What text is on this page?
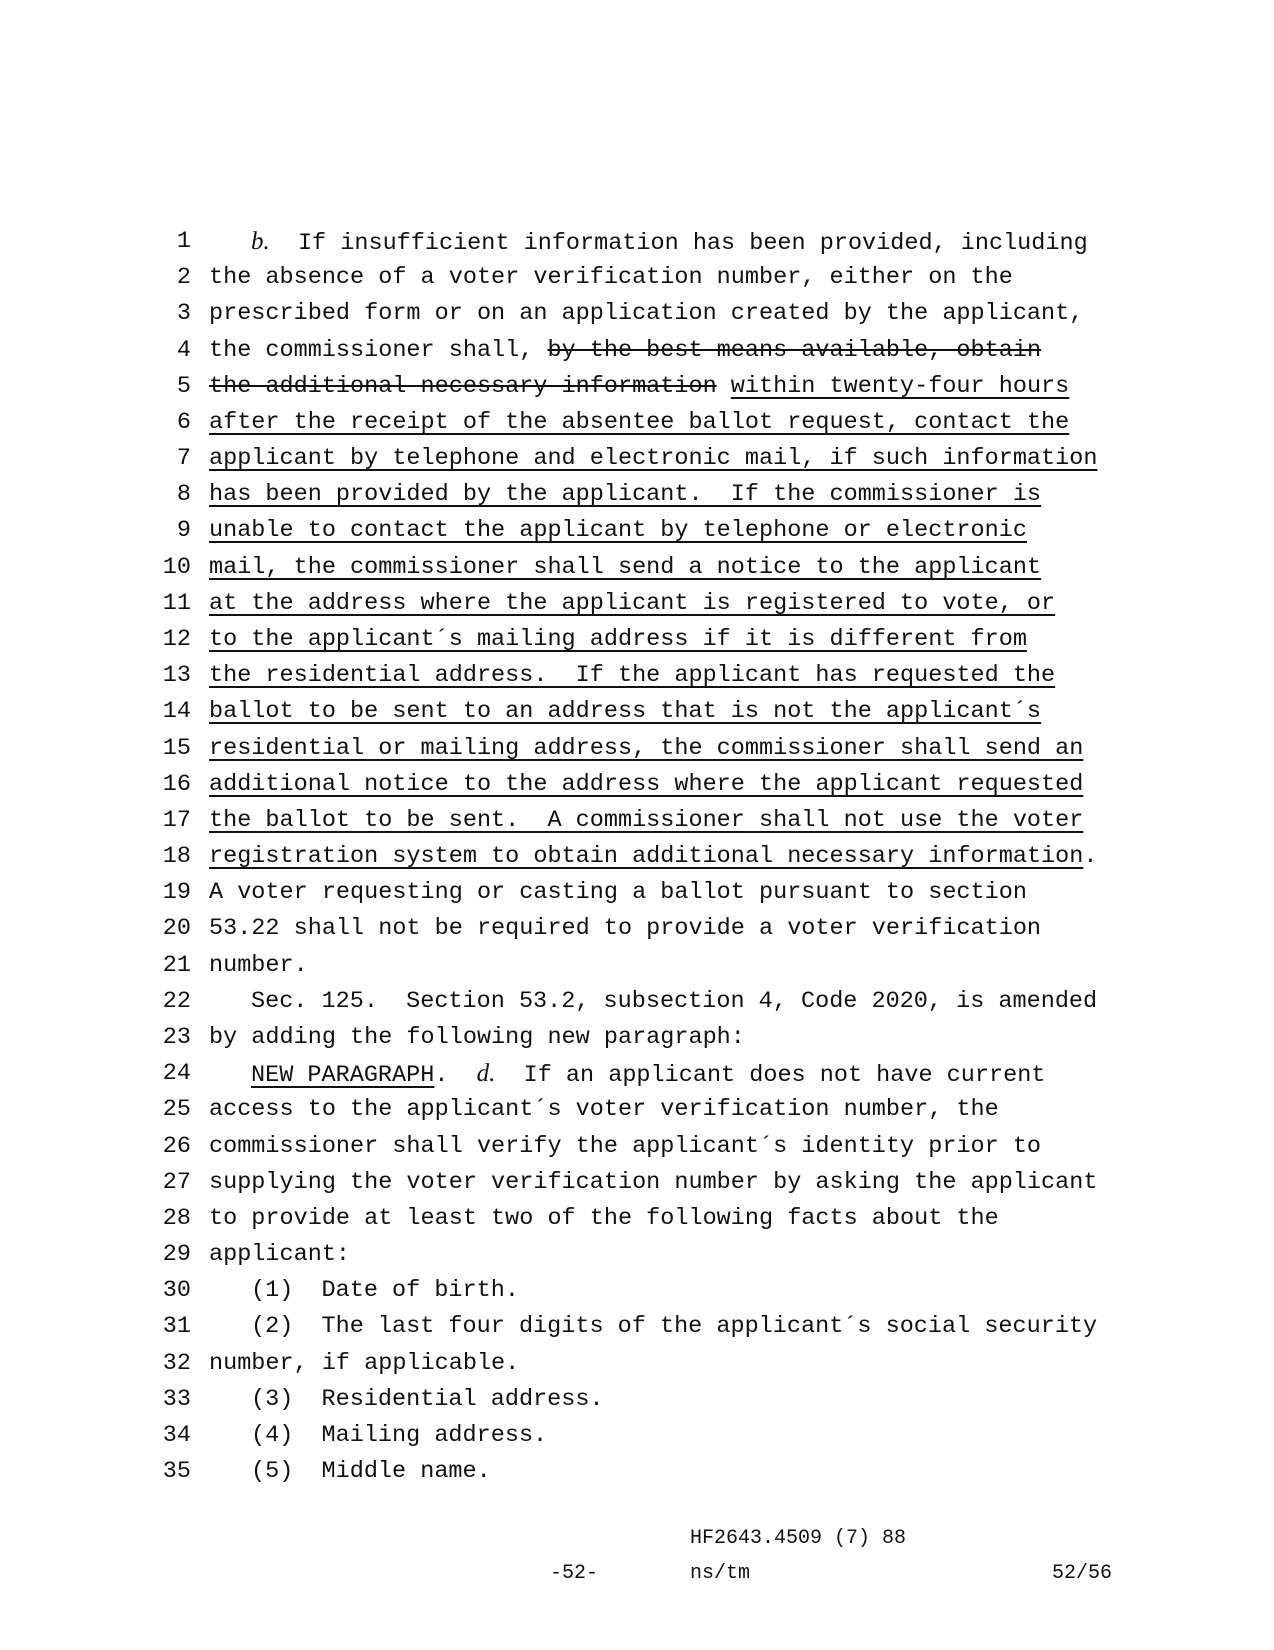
1 b.  If insufficient information has been provided, including
2 the absence of a voter verification number, either on the
3 prescribed form or on an application created by the applicant,
4 the commissioner shall, by the best means available, obtain
5 the additional necessary information within twenty-four hours
6 after the receipt of the absentee ballot request, contact the
7 applicant by telephone and electronic mail, if such information
8 has been provided by the applicant.  If the commissioner is
9 unable to contact the applicant by telephone or electronic
10 mail, the commissioner shall send a notice to the applicant
11 at the address where the applicant is registered to vote, or
12 to the applicant´s mailing address if it is different from
13 the residential address.  If the applicant has requested the
14 ballot to be sent to an address that is not the applicant´s
15 residential or mailing address, the commissioner shall send an
16 additional notice to the address where the applicant requested
17 the ballot to be sent.  A commissioner shall not use the voter
18 registration system to obtain additional necessary information.
19 A voter requesting or casting a ballot pursuant to section
20 53.22 shall not be required to provide a voter verification
21 number.
22	Sec. 125.  Section 53.2, subsection 4, Code 2020, is amended
23 by adding the following new paragraph:
24	NEW PARAGRAPH.  d.  If an applicant does not have current
25 access to the applicant´s voter verification number, the
26 commissioner shall verify the applicant´s identity prior to
27 supplying the voter verification number by asking the applicant
28 to provide at least two of the following facts about the
29 applicant:
30	(1)  Date of birth.
31	(2)  The last four digits of the applicant´s social security
32 number, if applicable.
33	(3)  Residential address.
34	(4)  Mailing address.
35	(5)  Middle name.
HF2643.4509 (7) 88
-52-	ns/tm	52/56
